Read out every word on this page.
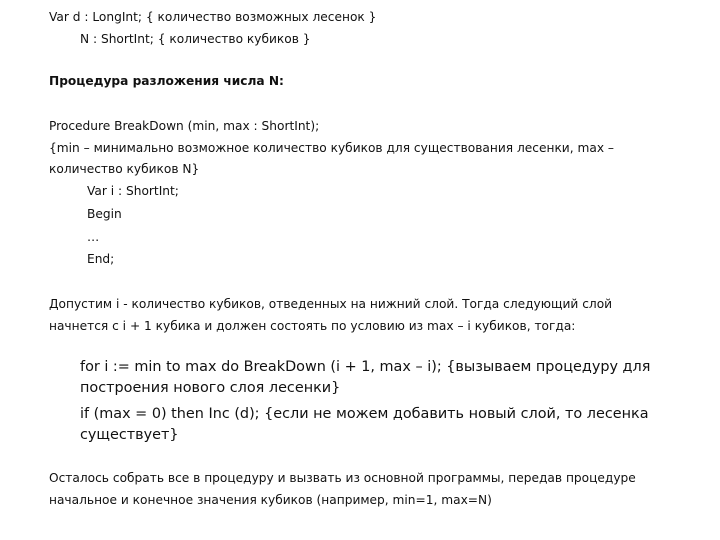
Var d : LongInt; { количество возможных лесенок }
N : ShortInt; { количество кубиков }
Процедура разложения числа N:
Procedure BreakDown (min, max : ShortInt);
{min – минимально возможное количество кубиков для существования лесенки, max –
количество кубиков N}
Var i : ShortInt;
Begin
…
End;
Допустим i - количество кубиков, отведенных на нижний слой. Тогда следующий слой
начнется с i + 1 кубика и должен состоять по условию из max – i кубиков, тогда:
for i := min to max do BreakDown (i + 1, max – i); {вызываем процедуру для
построения нового слоя лесенки}
if (max = 0) then Inc (d); {если не можем добавить новый слой, то лесенка
существует}
Осталось собрать все в процедуру и вызвать из основной программы, передав процедуре
начальное и конечное значения кубиков (например, min=1, max=N)
